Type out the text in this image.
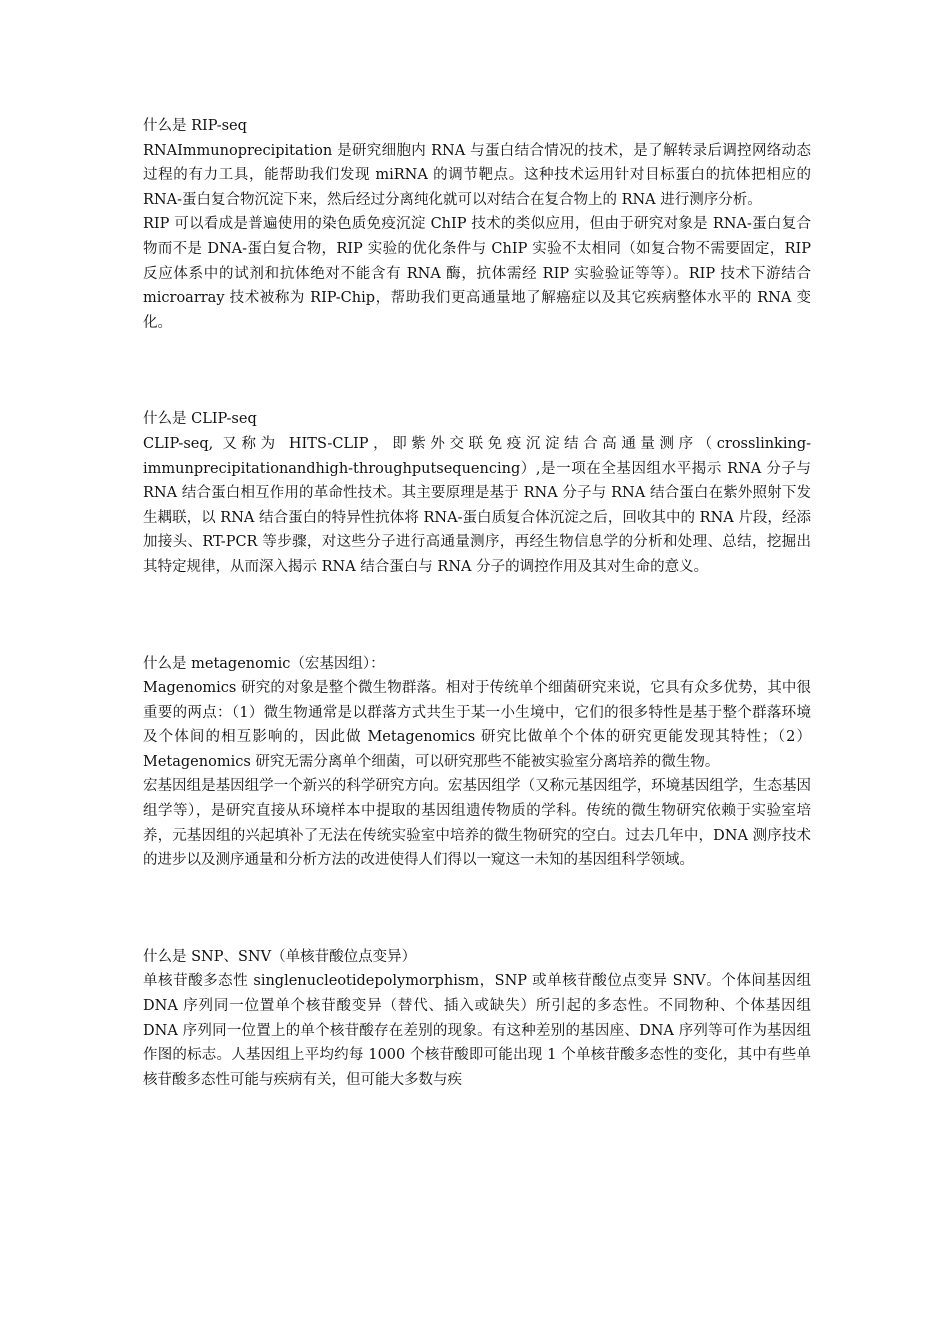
什么是 RIP-seq

RNAImmunoprecipitation 是研究细胞内 RNA 与蛋白结合情况的技术，是了解转录后调控网络动态过程的有力工具，能帮助我们发现 miRNA 的调节靶点。这种技术运用针对目标蛋白的抗体把相应的 RNA-蛋白复合物沉淀下来，然后经过分离纯化就可以对结合在复合物上的 RNA 进行测序分析。

RIP 可以看成是普遍使用的染色质免疫沉淀 ChIP 技术的类似应用，但由于研究对象是 RNA-蛋白复合物而不是 DNA-蛋白复合物，RIP 实验的优化条件与 ChIP 实验不太相同（如复合物不需要固定，RIP 反应体系中的试剂和抗体绝对不能含有 RNA 酶，抗体需经 RIP 实验验证等等）。RIP 技术下游结合 microarray 技术被称为 RIP-Chip，帮助我们更高通量地了解癌症以及其它疾病整体水平的 RNA 变化。

什么是 CLIP-seq

CLIP-seq, 又称为 HITS-CLIP，即紫外交联免疫沉淀结合高通量测序（crosslinking-immunprecipitationandhigh-throughputsequencing）,是一项在全基因组水平揭示 RNA 分子与 RNA 结合蛋白相互作用的革命性技术。其主要原理是基于 RNA 分子与 RNA 结合蛋白在紫外照射下发生耦联，以 RNA 结合蛋白的特异性抗体将 RNA-蛋白质复合体沉淀之后，回收其中的 RNA 片段，经添加接头、RT-PCR 等步骤，对这些分子进行高通量测序，再经生物信息学的分析和处理、总结，挖掘出其特定规律，从而深入揭示 RNA 结合蛋白与 RNA 分子的调控作用及其对生命的意义。

什么是 metagenomic（宏基因组）：

Magenomics 研究的对象是整个微生物群落。相对于传统单个细菌研究来说，它具有众多优势，其中很重要的两点：（1）微生物通常是以群落方式共生于某一小生境中，它们的很多特性是基于整个群落环境及个体间的相互影响的，因此做 Metagenomics 研究比做单个个体的研究更能发现其特性；（2）Metagenomics 研究无需分离单个细菌，可以研究那些不能被实验室分离培养的微生物。

宏基因组是基因组学一个新兴的科学研究方向。宏基因组学（又称元基因组学，环境基因组学，生态基因组学等），是研究直接从环境样本中提取的基因组遗传物质的学科。传统的微生物研究依赖于实验室培养，元基因组的兴起填补了无法在传统实验室中培养的微生物研究的空白。过去几年中，DNA 测序技术的进步以及测序通量和分析方法的改进使得人们得以一窥这一未知的基因组科学领域。

什么是 SNP、SNV（单核苷酸位点变异）

单核苷酸多态性 singlenucleotidepolymorphism，SNP 或单核苷酸位点变异 SNV。个体间基因组 DNA 序列同一位置单个核苷酸变异（替代、插入或缺失）所引起的多态性。不同物种、个体基因组 DNA 序列同一位置上的单个核苷酸存在差别的现象。有这种差别的基因座、DNA 序列等可作为基因组作图的标志。人基因组上平均约每 1000 个核苷酸即可能出现 1 个单核苷酸多态性的变化，其中有些单核苷酸多态性可能与疾病有关，但可能大多数与疾
